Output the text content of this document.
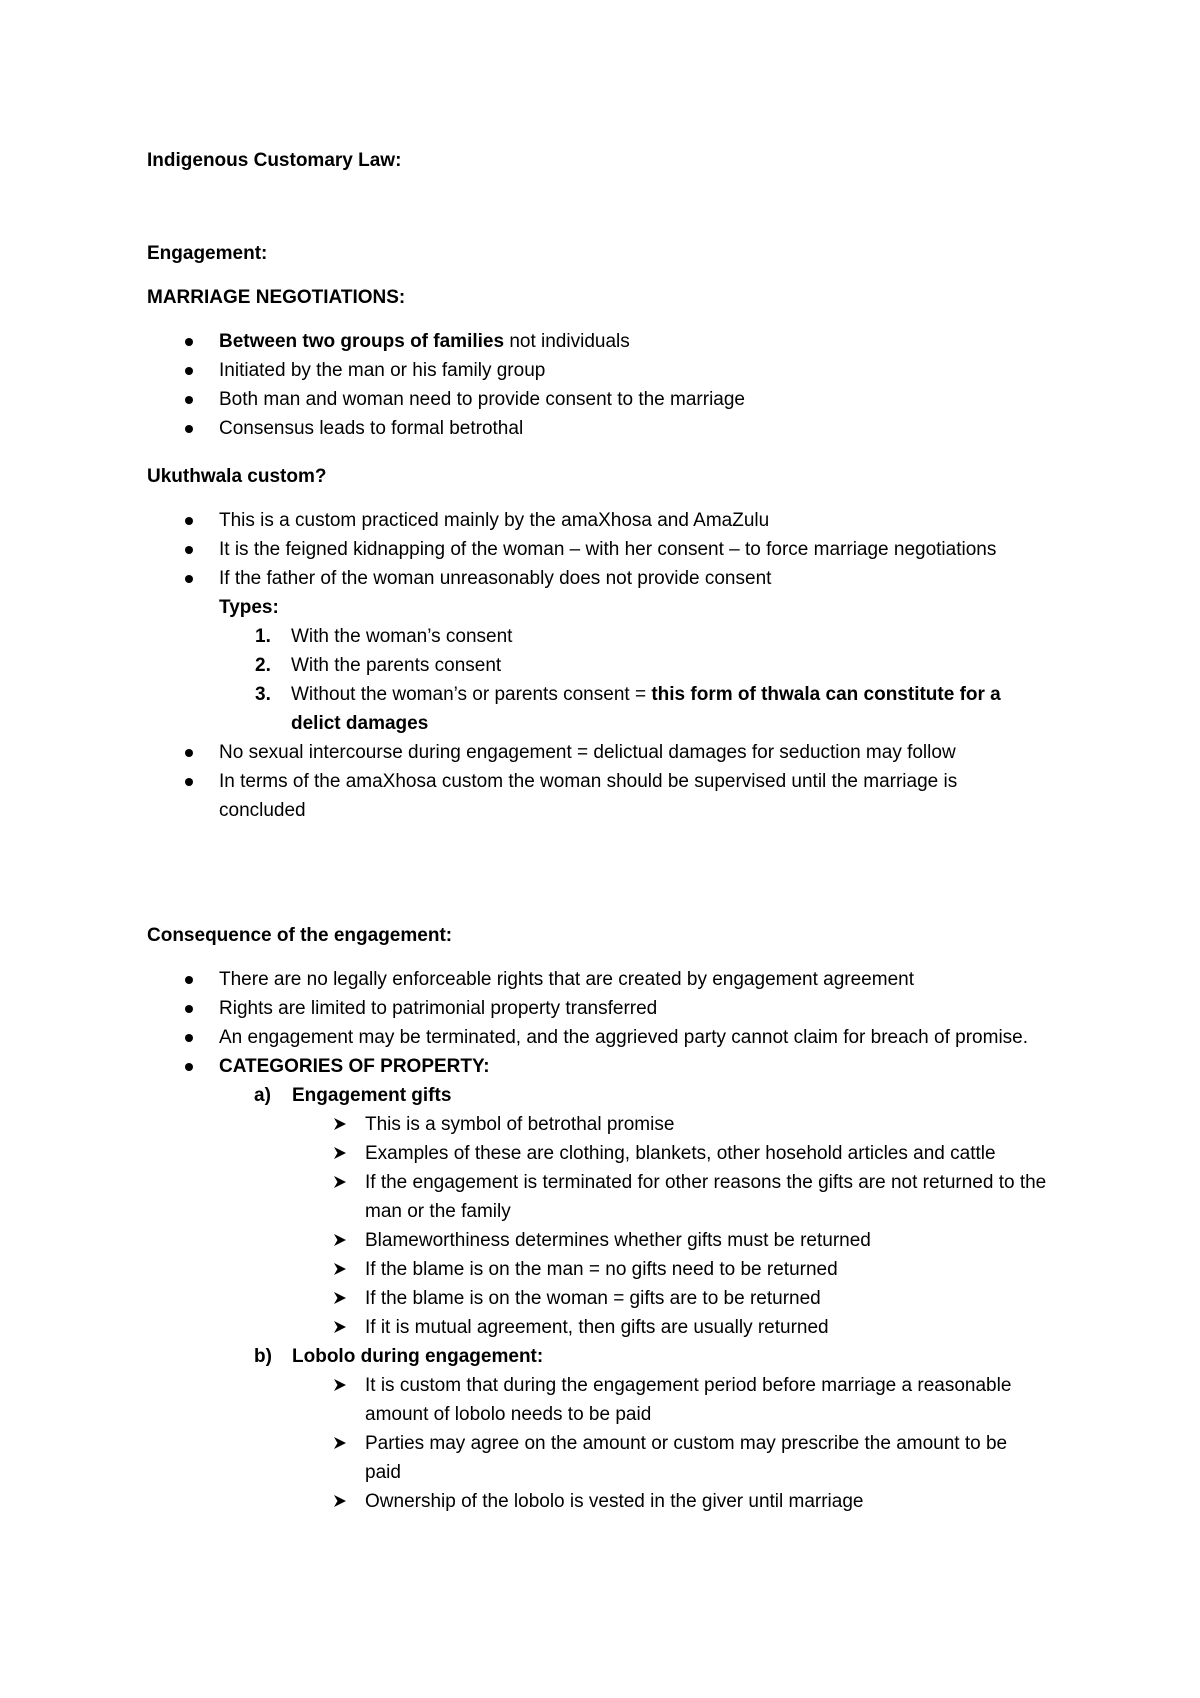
Indigenous Customary Law:
Engagement:
MARRIAGE NEGOTIATIONS:
Between two groups of families not individuals
Initiated by the man or his family group
Both man and woman need to provide consent to the marriage
Consensus leads to formal betrothal
Ukuthwala custom?
This is a custom practiced mainly by the amaXhosa and AmaZulu
It is the feigned kidnapping of the woman – with her consent – to force marriage negotiations
If the father of the woman unreasonably does not provide consent
Types:
1. With the woman’s consent
2. With the parents consent
3. Without the woman’s or parents consent = this form of thwala can constitute for a delict damages
No sexual intercourse during engagement = delictual damages for seduction may follow
In terms of the amaXhosa custom the woman should be supervised until the marriage is concluded
Consequence of the engagement:
There are no legally enforceable rights that are created by engagement agreement
Rights are limited to patrimonial property transferred
An engagement may be terminated, and the aggrieved party cannot claim for breach of promise.
CATEGORIES OF PROPERTY:
a) Engagement gifts
This is a symbol of betrothal promise
Examples of these are clothing, blankets, other hosehold articles and cattle
If the engagement is terminated for other reasons the gifts are not returned to the man or the family
Blameworthiness determines whether gifts must be returned
If the blame is on the man = no gifts need to be returned
If the blame is on the woman = gifts are to be returned
If it is mutual agreement, then gifts are usually returned
b) Lobolo during engagement:
It is custom that during the engagement period before marriage a reasonable amount of lobolo needs to be paid
Parties may agree on the amount or custom may prescribe the amount to be paid
Ownership of the lobolo is vested in the giver until marriage
